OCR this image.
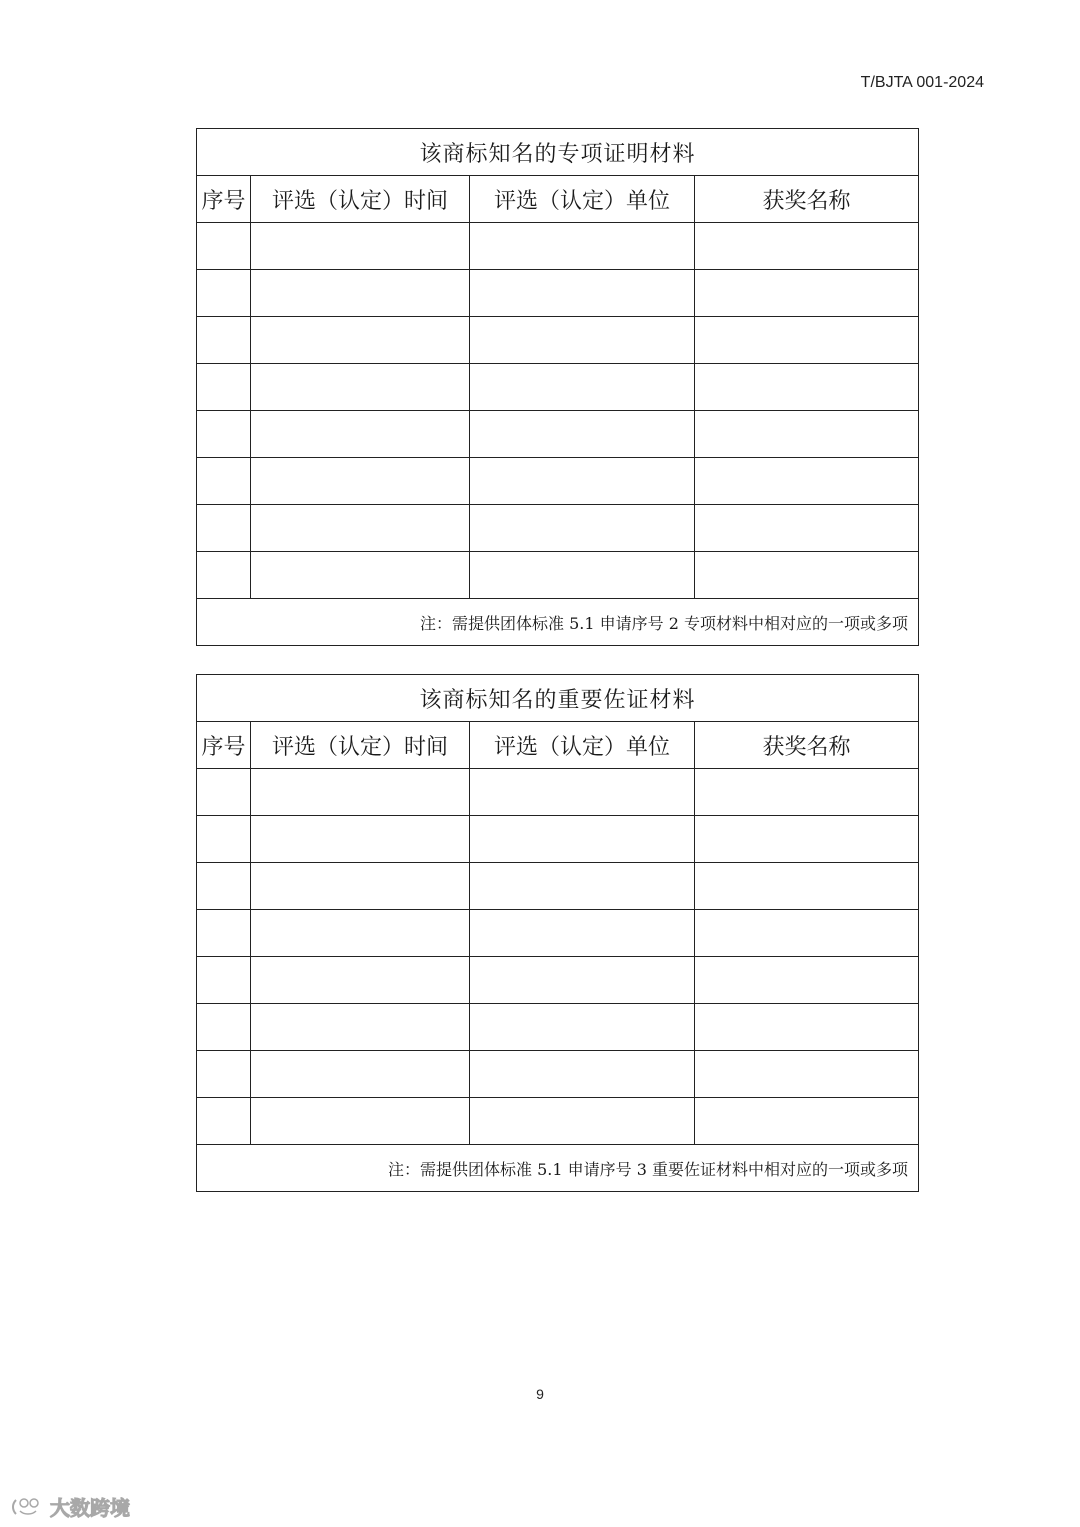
T/BJTA 001-2024
该商标知名的专项证明材料			
序号	评选（认定）时间	评选（认定）单位	获奖名称

注：需提供团体标准 5.1 申请序号 2 专项材料中相对应的一项或多项			
该商标知名的重要佐证材料			
序号	评选（认定）时间	评选（认定）单位	获奖名称

注：需提供团体标准 5.1 申请序号 3 重要佐证材料中相对应的一项或多项			
9
大数跨境
